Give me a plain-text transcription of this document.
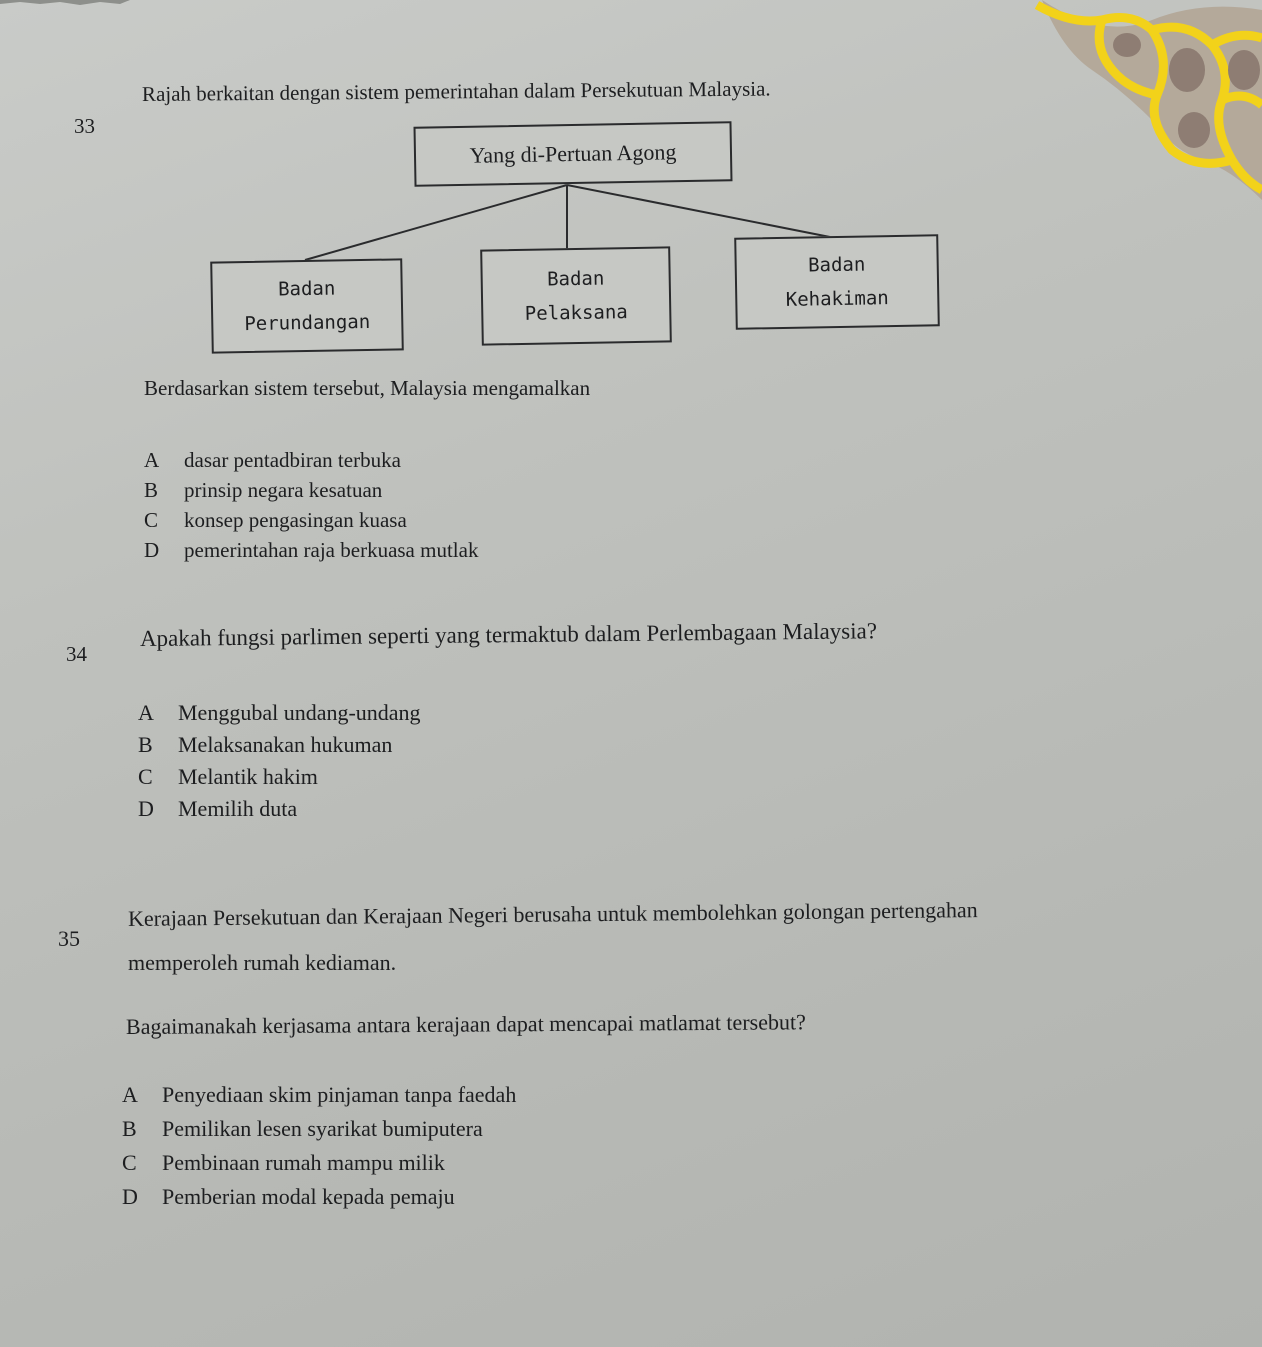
33
Rajah berkaitan dengan sistem pemerintahan dalam Persekutuan Malaysia.
Yang di-Pertuan Agong
Badan
Perundangan
Badan
Pelaksana
Badan
Kehakiman
Berdasarkan sistem tersebut, Malaysia mengamalkan
A dasar pentadbiran terbuka
B prinsip negara kesatuan
C konsep pengasingan kuasa
D pemerintahan raja berkuasa mutlak
34
Apakah fungsi parlimen seperti yang termaktub dalam Perlembagaan Malaysia?
A Menggubal undang-undang
B Melaksanakan hukuman
C Melantik hakim
D Memilih duta
35
Kerajaan Persekutuan dan Kerajaan Negeri berusaha untuk membolehkan golongan pertengahan
memperoleh rumah kediaman.
Bagaimanakah kerjasama antara kerajaan dapat mencapai matlamat tersebut?
A Penyediaan skim pinjaman tanpa faedah
B Pemilikan lesen syarikat bumiputera
C Pembinaan rumah mampu milik
D Pemberian modal kepada pemaju
